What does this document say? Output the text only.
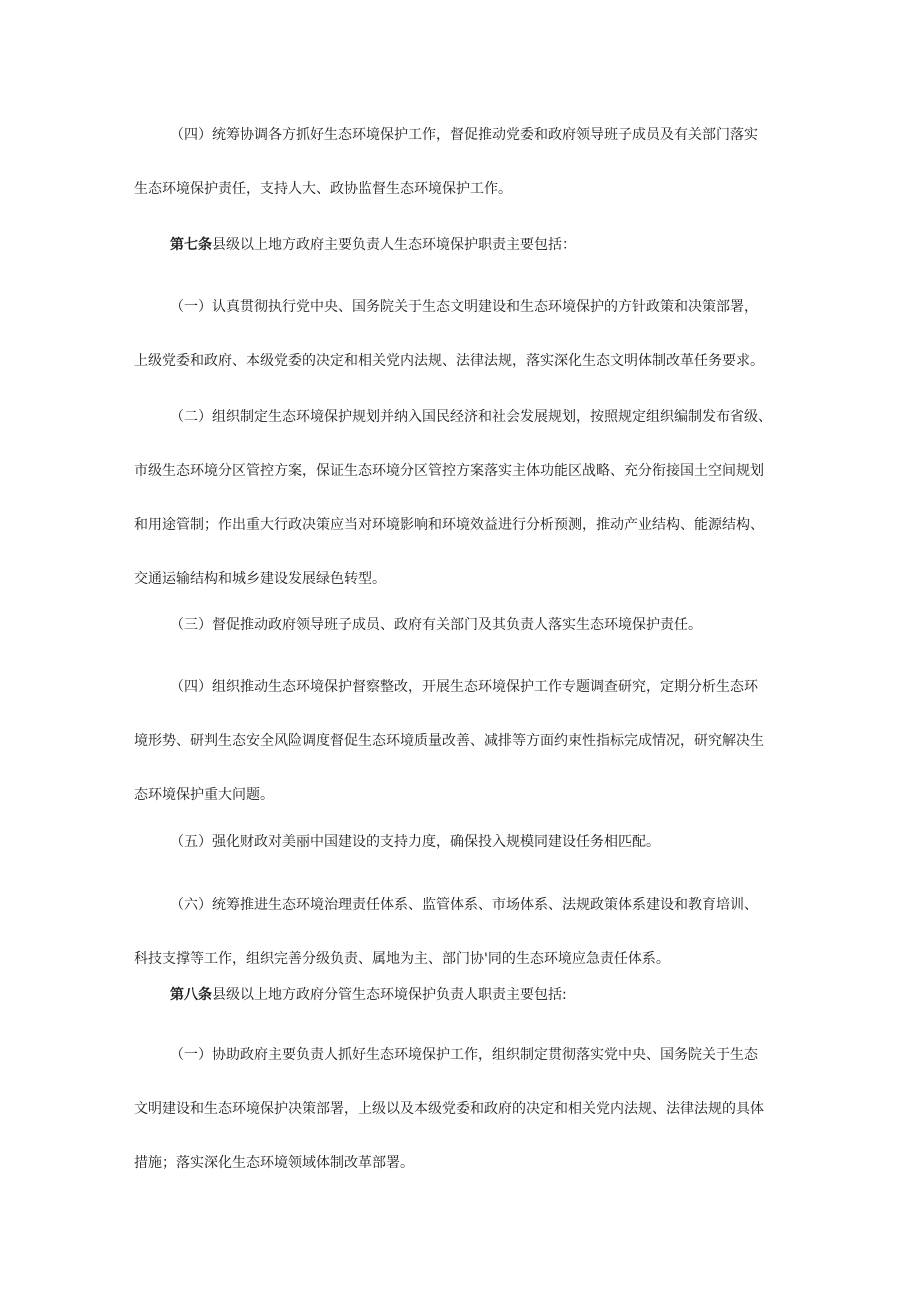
（四）统筹协调各方抓好生态环境保护工作，督促推动党委和政府领导班子成员及有关部门落实
生态环境保护责任，支持人大、政协监督生态环境保护工作。
第七条县级以上地方政府主要负责人生态环境保护职责主要包括：
（一）认真贯彻执行党中央、国务院关于生态文明建设和生态环境保护的方针政策和决策部署，
上级党委和政府、本级党委的决定和相关党内法规、法律法规，落实深化生态文明体制改革任务要求。
（二）组织制定生态环境保护规划并纳入国民经济和社会发展规划，按照规定组织编制发布省级、
市级生态环境分区管控方案，保证生态环境分区管控方案落实主体功能区战略、充分衔接国土空间规划
和用途管制；作出重大行政决策应当对环境影响和环境效益进行分析预测，推动产业结构、能源结构、
交通运输结构和城乡建设发展绿色转型。
（三）督促推动政府领导班子成员、政府有关部门及其负责人落实生态环境保护责任。
（四）组织推动生态环境保护督察整改，开展生态环境保护工作专题调查研究，定期分析生态环
境形势、研判生态安全风险调度督促生态环境质量改善、减排等方面约束性指标完成情况，研究解决生
态环境保护重大问题。
（五）强化财政对美丽中国建设的支持力度，确保投入规模同建设任务相匹配。
（六）统筹推进生态环境治理责任体系、监管体系、市场体系、法规政策体系建设和教育培训、
科技支撑等工作，组织完善分级负责、属地为主、部门协'同的生态环境应急责任体系。
第八条县级以上地方政府分管生态环境保护负责人职责主要包括:
（一）协助政府主要负责人抓好生态环境保护工作，组织制定贯彻落实党中央、国务院关于生态
文明建设和生态环境保护决策部署，上级以及本级党委和政府的决定和相关党内法规、法律法规的具体
措施；落实深化生态环境领域体制改革部署。
